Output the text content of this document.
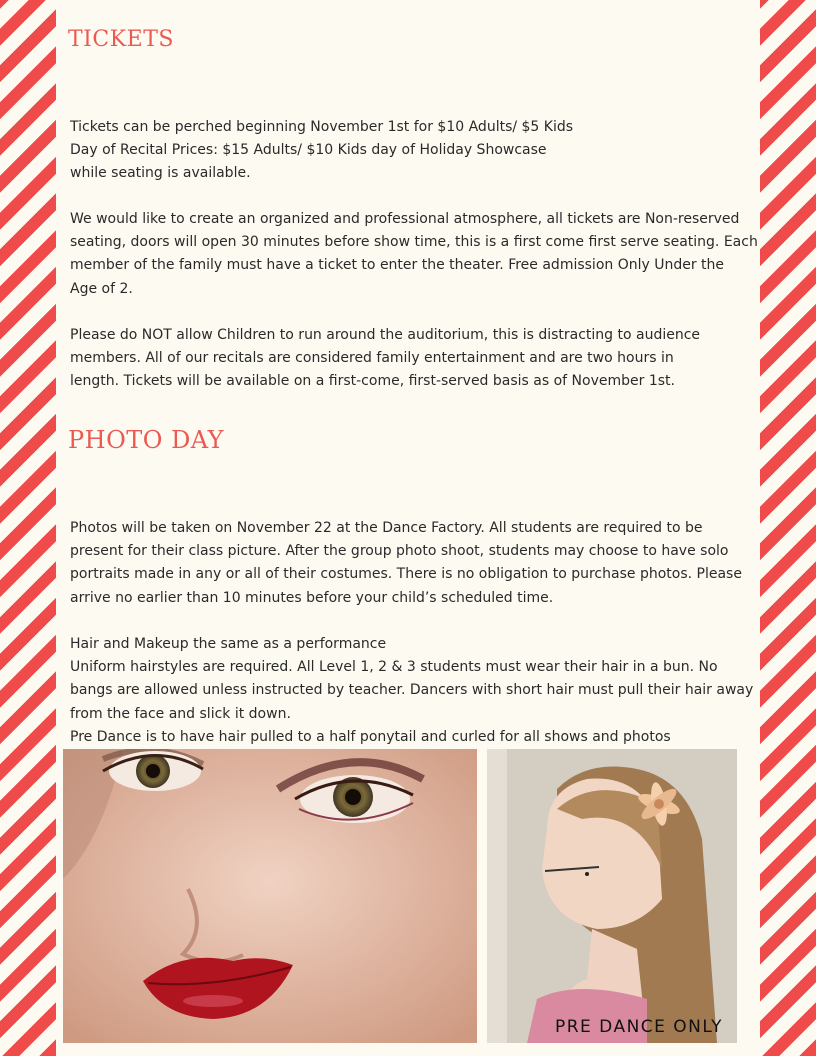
TICKETS

Tickets can be perched beginning November 1st for $10 Adults/ $5 Kids
Day of Recital Prices: $15 Adults/ $10 Kids day of Holiday Showcase
while seating is available.

We would like to create an organized and professional atmosphere, all tickets are Non-reserved
seating, doors will open 30 minutes before show time, this is a first come first serve seating. Each
member of the family must have a ticket to enter the theater. Free admission Only Under the
Age of 2.

Please do NOT allow Children to run around the auditorium, this is distracting to audience
members. All of our recitals are considered family entertainment and are two hours in
length. Tickets will be available on a first-come, first-served basis as of November 1st.

PHOTO DAY

Photos will be taken on November 22 at the Dance Factory. All students are required to be
present for their class picture. After the group photo shoot, students may choose to have solo
portraits made in any or all of their costumes. There is no obligation to purchase photos. Please
arrive no earlier than 10 minutes before your child’s scheduled time.

Hair and Makeup the same as a performance
Uniform hairstyles are required. All Level 1, 2 & 3 students must wear their hair in a bun. No
bangs are allowed unless instructed by teacher. Dancers with short hair must pull their hair away
from the face and slick it down.
Pre Dance is to have hair pulled to a half ponytail and curled for all shows and photos

PRE DANCE ONLY
